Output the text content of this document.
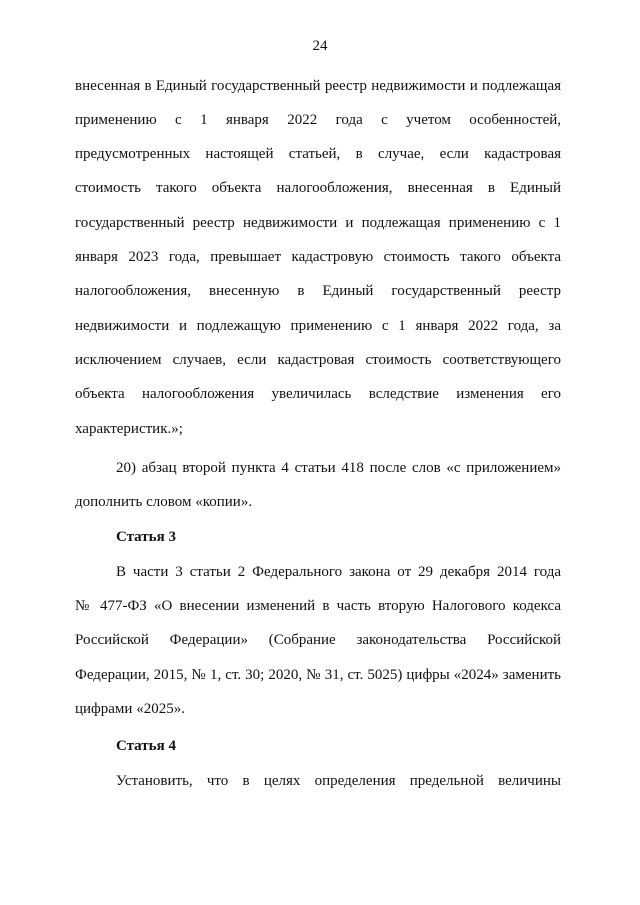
24
внесенная в Единый государственный реестр недвижимости и подлежащая
применению с 1 января 2022 года с учетом особенностей,
предусмотренных настоящей статьей, в случае, если кадастровая
стоимость такого объекта налогообложения, внесенная в Единый
государственный реестр недвижимости и подлежащая применению с 1
января 2023 года, превышает кадастровую стоимость такого объекта
налогообложения, внесенную в Единый государственный реестр
недвижимости и подлежащую применению с 1 января 2022 года, за
исключением случаев, если кадастровая стоимость соответствующего
объекта налогообложения увеличилась вследствие изменения его
характеристик.»;
20) абзац второй пункта 4 статьи 418 после слов «с приложением»
дополнить словом «копии».
Статья 3
В части 3 статьи 2 Федерального закона от 29 декабря 2014 года
№ 477-ФЗ «О внесении изменений в часть вторую Налогового кодекса
Российской Федерации» (Собрание законодательства Российской
Федерации, 2015, № 1, ст. 30; 2020, № 31, ст. 5025) цифры «2024» заменить
цифрами «2025».
Статья 4
Установить, что в целях определения предельной величины
